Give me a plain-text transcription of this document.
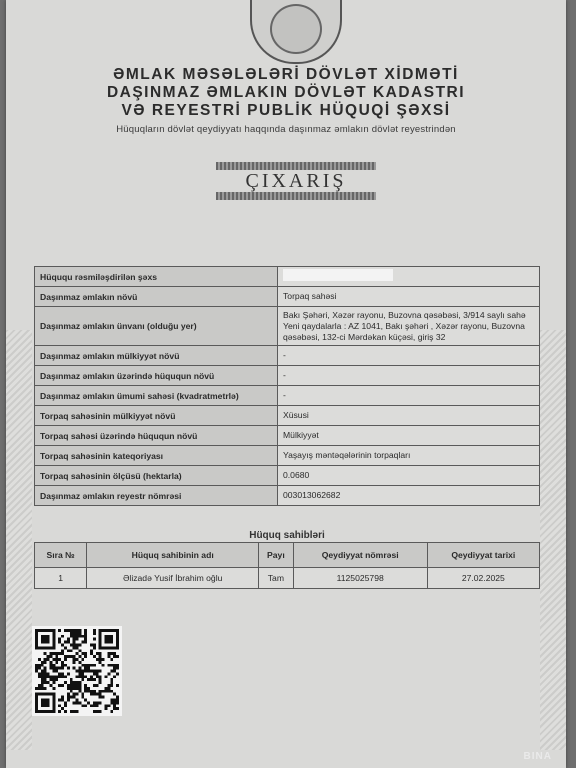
ƏMLAK MƏSƏLƏLƏRİ DÖVLƏT XİDMƏTİ
DAŞINMAZ ƏMLAKIN DÖVLƏT KADASTRI
VƏ REYESTRİ PUBLİK HÜQUQİ ŞƏXSİ
Hüquqların dövlət qeydiyyatı haqqında daşınmaz əmlakın dövlət reyestrindən
ÇIXARIŞ
Hüququ rəsmiləşdirilən şəxs	
Daşınmaz əmlakın növü	Torpaq sahəsi
Daşınmaz əmlakın ünvanı (olduğu yer)	Bakı Şəhəri, Xəzər rayonu, Buzovna qəsəbəsi, 3/914 saylı sahə Yeni qaydalarla : AZ 1041, Bakı şəhəri , Xəzər rayonu, Buzovna qəsəbəsi, 132-ci Mərdəkan küçəsi, giriş 32
Daşınmaz əmlakın mülkiyyət növü	-
Daşınmaz əmlakın üzərində hüququn növü	-
Daşınmaz əmlakın ümumi sahəsi (kvadratmetrlə)	-
Torpaq sahəsinin mülkiyyət növü	Xüsusi
Torpaq sahəsi üzərində hüququn növü	Mülkiyyət
Torpaq sahəsinin kateqoriyası	Yaşayış məntəqələrinin torpaqları
Torpaq sahəsinin ölçüsü (hektarla)	0.0680
Daşınmaz əmlakın reyestr nömrəsi	003013062682
Hüquq sahibləri
Sıra №	Hüquq sahibinin adı	Payı	Qeydiyyat nömrəsi	Qeydiyyat tarixi
1	Əlizadə Yusif İbrahim oğlu	Tam	1125025798	27.02.2025
BINA
